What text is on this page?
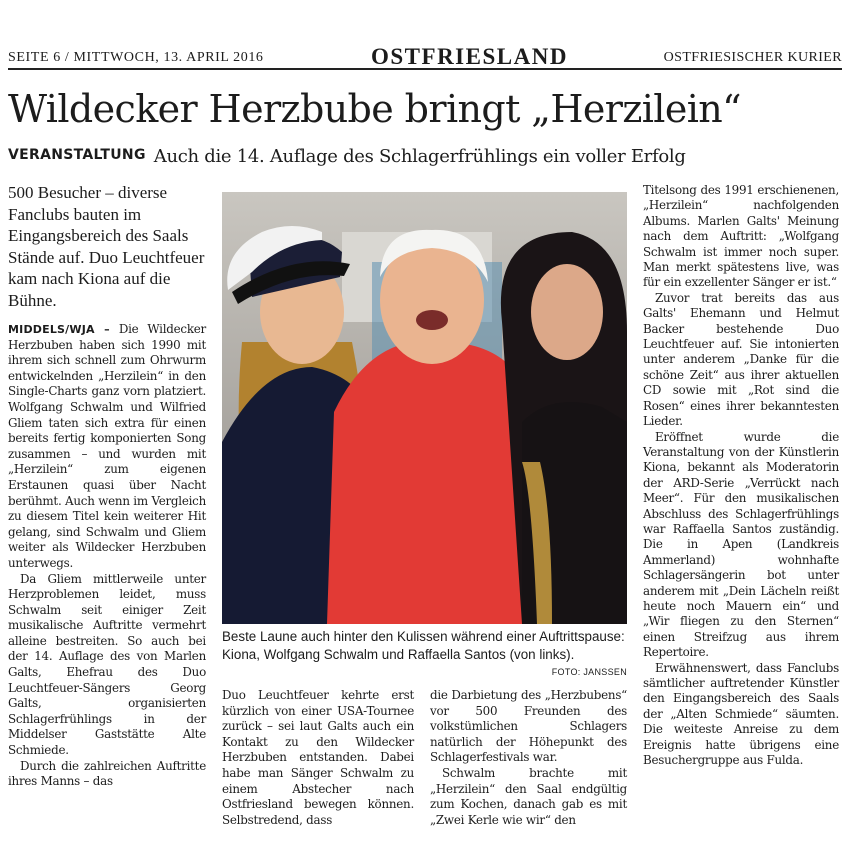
SEITE 6 / MITTWOCH, 13. APRIL 2016	OSTFRIESLAND	OSTFRIESISCHER KURIER
Wildecker Herzbube bringt „Herzilein“
VERANSTALTUNG Auch die 14. Auflage des Schlagerfrühlings ein voller Erfolg
500 Besucher – diverse Fanclubs bauten im Eingangsbereich des Saals Stände auf. Duo Leuchtfeuer kam nach Kiona auf die Bühne.

MIDDELS/WJA – Die Wildecker Herzbuben haben sich 1990 mit ihrem sich schnell zum Ohrwurm entwickelnden „Herzilein“ in den Single-Charts ganz vorn platziert. Wolfgang Schwalm und Wilfried Gliem taten sich extra für einen bereits fertig komponierten Song zusammen – und wurden mit „Herzilein“ zum eigenen Erstaunen quasi über Nacht berühmt. Auch wenn im Vergleich zu diesem Titel kein weiterer Hit gelang, sind Schwalm und Gliem weiter als Wildecker Herzbuben unterwegs.

Da Gliem mittlerweile unter Herzproblemen leidet, muss Schwalm seit einiger Zeit musikalische Auftritte vermehrt alleine bestreiten. So auch bei der 14. Auflage des von Marlen Galts, Ehefrau des Duo Leuchtfeuer-Sängers Georg Galts, organisierten Schlagerfrühlings in der Middelser Gaststätte Alte Schmiede.

Durch die zahlreichen Auftritte ihres Manns – das

Beste Laune auch hinter den Kulissen während einer Auftrittspause: Kiona, Wolfgang Schwalm und Raffaella Santos (von links).
FOTO: JANSSEN

Duo Leuchtfeuer kehrte erst kürzlich von einer USA-Tournee zurück – sei laut Galts auch ein Kontakt zu den Wildecker Herzbuben entstanden. Dabei habe man Sänger Schwalm zu einem Abstecher nach Ostfriesland bewegen können. Selbstredend, dass

die Darbietung des „Herzbubens“ vor 500 Freunden des volkstümlichen Schlagers natürlich der Höhepunkt des Schlagerfestivals war.

Schwalm brachte mit „Herzilein“ den Saal endgültig zum Kochen, danach gab es mit „Zwei Kerle wie wir“ den

Titelsong des 1991 erschienenen, „Herzilein“ nachfolgenden Albums. Marlen Galts' Meinung nach dem Auftritt: „Wolfgang Schwalm ist immer noch super. Man merkt spätestens live, was für ein exzellenter Sänger er ist.“

Zuvor trat bereits das aus Galts' Ehemann und Helmut Backer bestehende Duo Leuchtfeuer auf. Sie intonierten unter anderem „Danke für die schöne Zeit“ aus ihrer aktuellen CD sowie mit „Rot sind die Rosen“ eines ihrer bekanntesten Lieder.

Eröffnet wurde die Veranstaltung von der Künstlerin Kiona, bekannt als Moderatorin der ARD-Serie „Verrückt nach Meer“. Für den musikalischen Abschluss des Schlagerfrühlings war Raffaella Santos zuständig. Die in Apen (Landkreis Ammerland) wohnhafte Schlagersängerin bot unter anderem mit „Dein Lächeln reißt heute noch Mauern ein“ und „Wir fliegen zu den Sternen“ einen Streifzug aus ihrem Repertoire.

Erwähnenswert, dass Fanclubs sämtlicher auftretender Künstler den Eingangsbereich des Saals der „Alten Schmiede“ säumten. Die weiteste Anreise zu dem Ereignis hatte übrigens eine Besuchergruppe aus Fulda.
